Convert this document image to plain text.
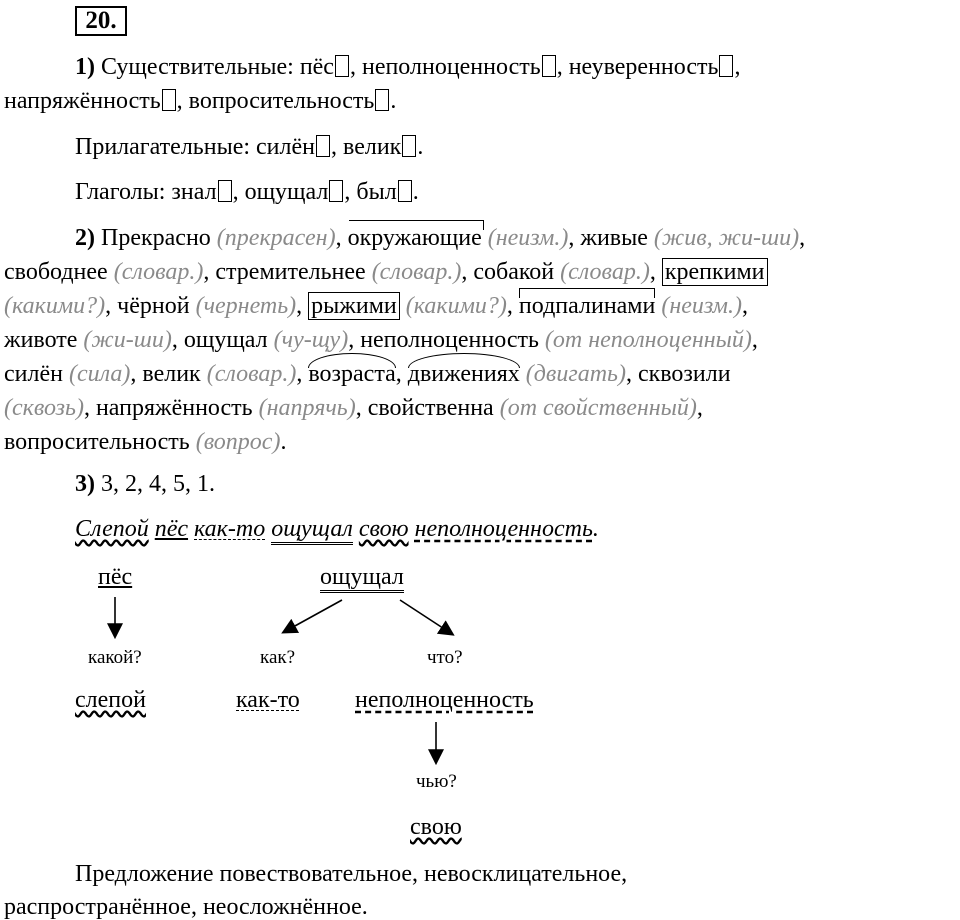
20.
1) Существительные: пёс , неполноценность , неуверенность ,
напряжённость , вопросительность .
Прилагательные: силён , велик .
Глаголы: знал , ощущал , был .
2) Прекрасно (прекрасен), окружающие (неизм.), живые (жив, жи-ши),
свободнее (словар.), стремительнее (словар.), собакой (словар.), крепкими
(какими?), чёрной (чернеть), рыжими (какими?), подпалинами (неизм.),
животе (жи-ши), ощущал (чу-щу), неполноценность (от неполноценный),
силён (сила), велик (словар.), возраста, движениях (двигать), сквозили
(сквозь), напряжённость (напрячь), свойственна (от свойственный),
вопросительность (вопрос).
3) 3, 2, 4, 5, 1.
Слепой пёс как-то ощущал свою неполноценность.
пёс	ощущал
какой?	как?	что?
слепой	как-то неполноценность
чью?
свою
Предложение повествовательное, невосклицательное,
распространённое, неосложнённое.
